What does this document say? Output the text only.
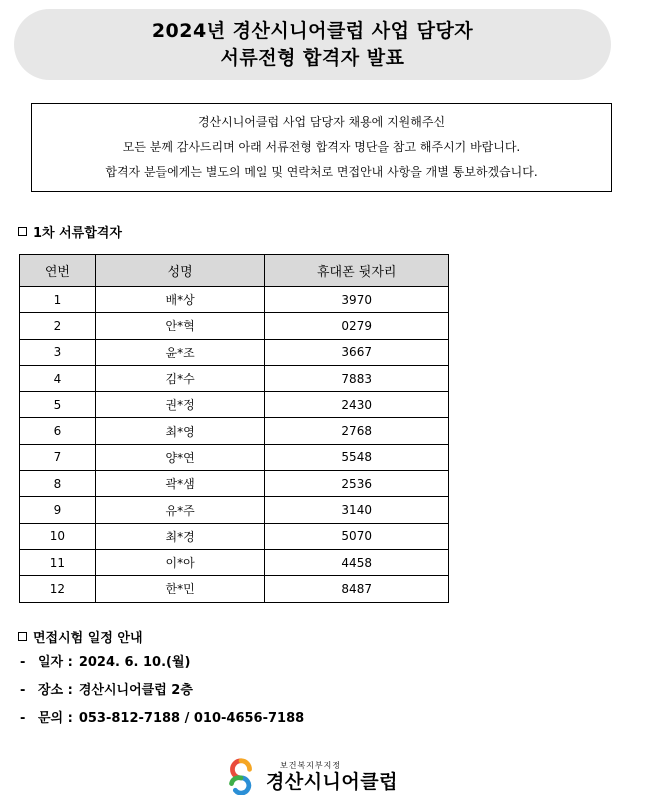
2024년 경산시니어클럽 사업 담당자
서류전형 합격자 발표
경산시니어클럽 사업 담당자 채용에 지원해주신
모든 분께 감사드리며 아래 서류전형 합격자 명단을 참고 해주시기 바랍니다.
합격자 분들에게는 별도의 메일 및 연락처로 면접안내 사항을 개별 통보하겠습니다.
1차 서류합격자
연번	성명	휴대폰 뒷자리
1	배*상	3970
2	안*혁	0279
3	윤*조	3667
4	김*수	7883
5	권*정	2430
6	최*영	2768
7	양*연	5548
8	곽*샘	2536
9	유*주	3140
10	최*경	5070
11	이*아	4458
12	한*민	8487
면접시험 일정 안내
- 일자 : 2024. 6. 10.(월)
- 장소 : 경산시니어클럽 2층
- 문의 : 053-812-7188 / 010-4656-7188
보건복지부지정
경산시니어클럽
